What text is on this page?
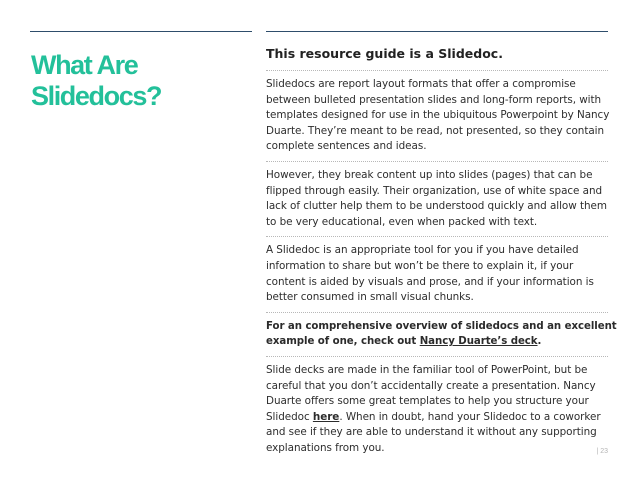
What Are
Slidedocs?

This resource guide is a Slidedoc.

Slidedocs are report layout formats that offer a compromise
between bulleted presentation slides and long-form reports, with
templates designed for use in the ubiquitous Powerpoint by Nancy
Duarte. They’re meant to be read, not presented, so they contain
complete sentences and ideas.

However, they break content up into slides (pages) that can be
flipped through easily. Their organization, use of white space and
lack of clutter help them to be understood quickly and allow them
to be very educational, even when packed with text.

A Slidedoc is an appropriate tool for you if you have detailed
information to share but won’t be there to explain it, if your
content is aided by visuals and prose, and if your information is
better consumed in small visual chunks.

For an comprehensive overview of slidedocs and an excellent
example of one, check out Nancy Duarte’s deck.

Slide decks are made in the familiar tool of PowerPoint, but be
careful that you don’t accidentally create a presentation. Nancy
Duarte offers some great templates to help you structure your
Slidedoc here. When in doubt, hand your Slidedoc to a coworker
and see if they are able to understand it without any supporting
explanations from you.	| 23
